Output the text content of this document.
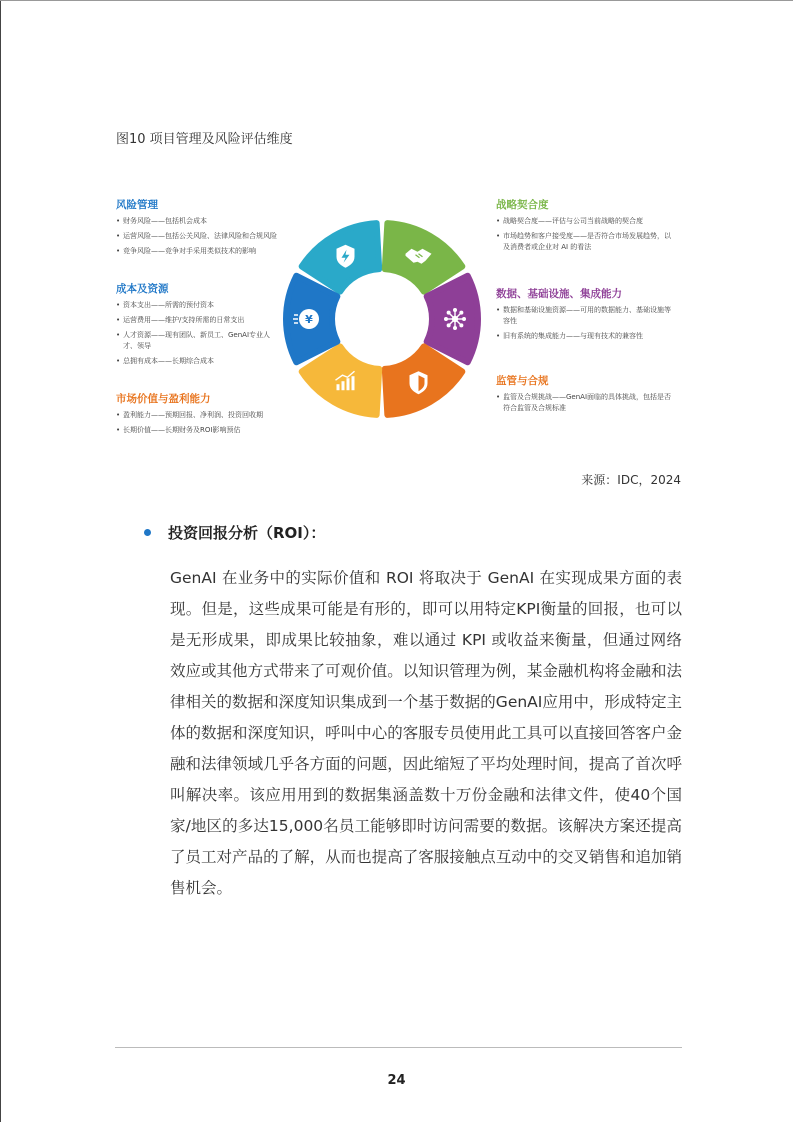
图10 项目管理及风险评估维度
风险管理
• 财务风险——包括机会成本
• 运营风险——包括公关风险、法律风险和合规风险
• 竞争风险——竞争对手采用类似技术的影响
成本及资源
• 资本支出——所需的预付资本
• 运营费用——维护/支持所需的日常支出
• 人才资源——现有团队、新员工、GenAI专业人才、领导
• 总拥有成本——长期综合成本
市场价值与盈利能力
• 盈利能力——预期回报、净利润、投资回收期
• 长期价值——长期财务及ROI影响预估
战略契合度
• 战略契合度——评估与公司当前战略的契合度
• 市场趋势和客户接受度——是否符合市场发展趋势，以及消费者或企业对 AI 的看法
数据、基础设施、集成能力
• 数据和基础设施资源——可用的数据能力、基础设施等容性
• 旧有系统的集成能力——与现有技术的兼容性
监管与合规
• 监管及合规挑战——GenAI面临的具体挑战，包括是否符合监管及合规标准
¥
来源：IDC，2024
投资回报分析（ROI）：
GenAI 在业务中的实际价值和 ROI 将取决于 GenAI 在实现成果方面的表现。但是，这些成果可能是有形的，即可以用特定KPI衡量的回报，也可以是无形成果，即成果比较抽象，难以通过 KPI 或收益来衡量，但通过网络效应或其他方式带来了可观价值。以知识管理为例，某金融机构将金融和法律相关的数据和深度知识集成到一个基于数据的GenAI应用中，形成特定主体的数据和深度知识，呼叫中心的客服专员使用此工具可以直接回答客户金融和法律领域几乎各方面的问题，因此缩短了平均处理时间，提高了首次呼叫解决率。该应用用到的数据集涵盖数十万份金融和法律文件，使40个国家/地区的多达15,000名员工能够即时访问需要的数据。该解决方案还提高了员工对产品的了解，从而也提高了客服接触点互动中的交叉销售和追加销售机会。
24
